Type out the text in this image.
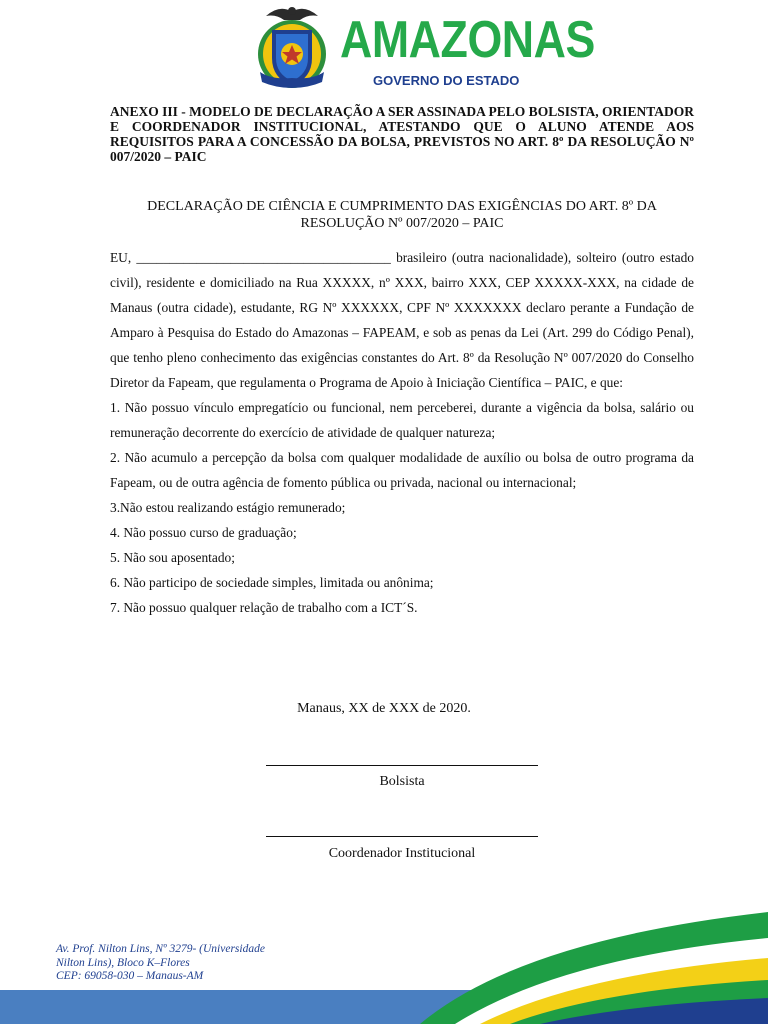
AMAZONAS
GOVERNO DO ESTADO

ANEXO III - MODELO DE DECLARAÇÃO A SER ASSINADA PELO BOLSISTA, ORIENTADOR E COORDENADOR INSTITUCIONAL, ATESTANDO QUE O ALUNO ATENDE AOS REQUISITOS PARA A CONCESSÃO DA BOLSA, PREVISTOS NO ART. 8º DA RESOLUÇÃO Nº 007/2020 – PAIC

DECLARAÇÃO DE CIÊNCIA E CUMPRIMENTO DAS EXIGÊNCIAS DO ART. 8º DA RESOLUÇÃO Nº 007/2020 – PAIC

EU, ______________________________________ brasileiro (outra nacionalidade), solteiro (outro estado civil), residente e domiciliado na Rua XXXXX, nº XXX, bairro XXX, CEP XXXXX-XXX, na cidade de Manaus (outra cidade), estudante, RG Nº XXXXXX, CPF Nº XXXXXXX declaro perante a Fundação de Amparo à Pesquisa do Estado do Amazonas – FAPEAM, e sob as penas da Lei (Art. 299 do Código Penal), que tenho pleno conhecimento das exigências constantes do Art. 8º da Resolução Nº 007/2020 do Conselho Diretor da Fapeam, que regulamenta o Programa de Apoio à Iniciação Científica – PAIC, e que:

1. Não possuo vínculo empregatício ou funcional, nem perceberei, durante a vigência da bolsa, salário ou remuneração decorrente do exercício de atividade de qualquer natureza;

2. Não acumulo a percepção da bolsa com qualquer modalidade de auxílio ou bolsa de outro programa da Fapeam, ou de outra agência de fomento pública ou privada, nacional ou internacional;

3.Não estou realizando estágio remunerado;

4. Não possuo curso de graduação;

5. Não sou aposentado;

6. Não participo de sociedade simples, limitada ou anônima;

7. Não possuo qualquer relação de trabalho com a ICT´S.

Manaus, XX de XXX de 2020.

Bolsista
Coordenador Institucional
Av. Prof. Nilton Lins, Nº 3279- (Universidade
Nilton Lins), Bloco K–Flores
CEP: 69058-030 – Manaus-AM
